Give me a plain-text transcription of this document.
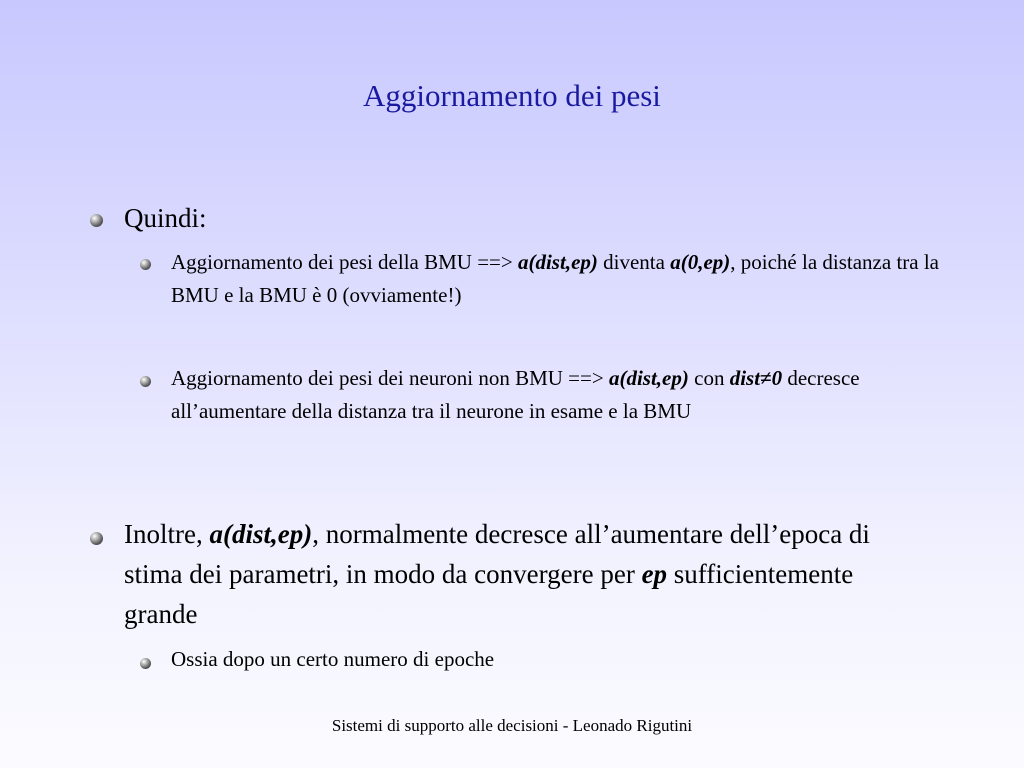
Aggiornamento dei pesi
Quindi:
Aggiornamento dei pesi della BMU ==> a(dist,ep) diventa a(0,ep), poiché la distanza tra la BMU e la BMU è 0 (ovviamente!)
Aggiornamento dei pesi dei neuroni non BMU ==> a(dist,ep) con dist≠0 decresce all’aumentare della distanza tra il neurone in esame e la BMU
Inoltre, a(dist,ep), normalmente decresce all’aumentare dell’epoca di stima dei parametri, in modo da convergere per ep sufficientemente grande
Ossia dopo un certo numero di epoche
Sistemi di supporto alle decisioni - Leonado Rigutini
